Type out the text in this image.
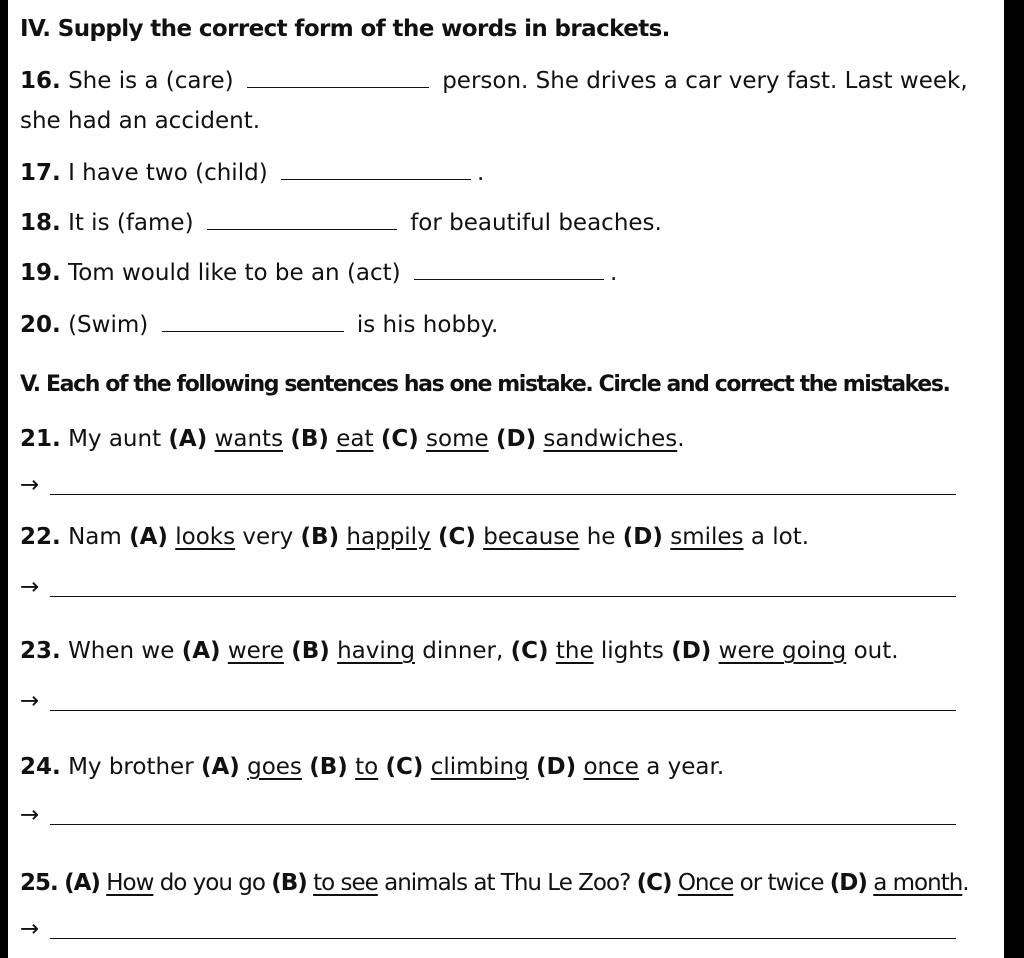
IV. Supply the correct form of the words in brackets.
16. She is a (care)	person. She drives a car very fast. Last week,
she had an accident.
17. I have two (child)	.
18. It is (fame)	for beautiful beaches.
19. Tom would like to be an (act)	.
20. (Swim)	is his hobby.
V. Each of the following sentences has one mistake. Circle and correct the mistakes.
21. My aunt (A) wants (B) eat (C) some (D) sandwiches.
→
22. Nam (A) looks very (B) happily (C) because he (D) smiles a lot.
→
23. When we (A) were (B) having dinner, (C) the lights (D) were going out.
→
24. My brother (A) goes (B) to (C) climbing (D) once a year.
→
25. (A) How do you go (B) to see animals at Thu Le Zoo? (C) Once or twice (D) a month.
→
